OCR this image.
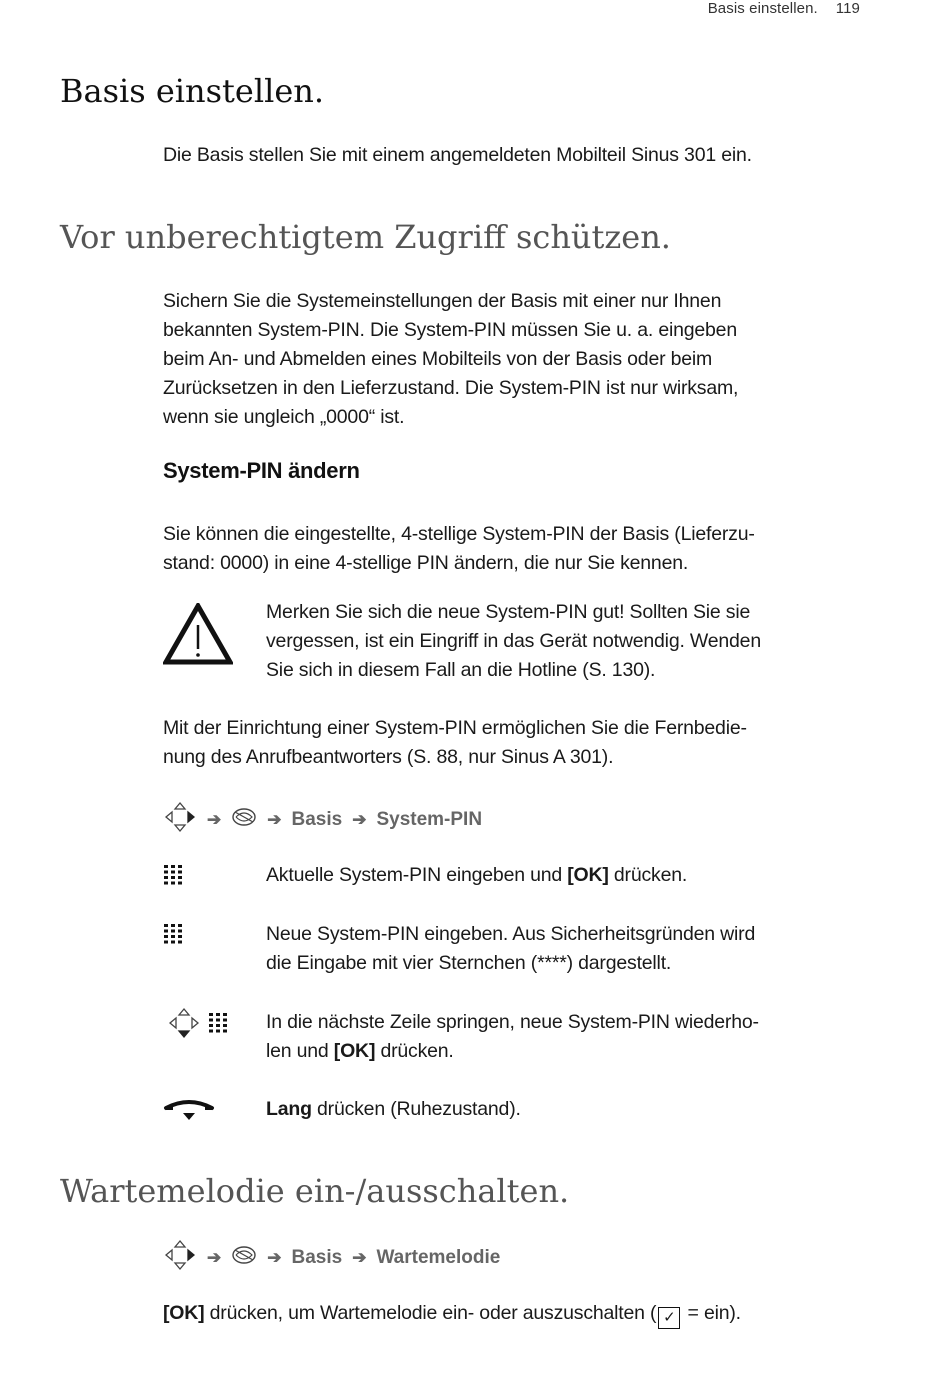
Basis einstellen. 119
Basis einstellen.
Die Basis stellen Sie mit einem angemeldeten Mobilteil Sinus 301 ein.
Vor unberechtigtem Zugriff schützen.
Sichern Sie die Systemeinstellungen der Basis mit einer nur Ihnen
bekannten System-PIN. Die System-PIN müssen Sie u. a. eingeben
beim An- und Abmelden eines Mobilteils von der Basis oder beim
Zurücksetzen in den Lieferzustand. Die System-PIN ist nur wirksam,
wenn sie ungleich „0000“ ist.
System-PIN ändern
Sie können die eingestellte, 4-stellige System-PIN der Basis (Lieferzu-
stand: 0000) in eine 4-stellige PIN ändern, die nur Sie kennen.
Merken Sie sich die neue System-PIN gut! Sollten Sie sie
vergessen, ist ein Eingriff in das Gerät notwendig. Wenden
Sie sich in diesem Fall an die Hotline (S. 130).
Mit der Einrichtung einer System-PIN ermöglichen Sie die Fernbedie-
nung des Anrufbeantworters (S. 88, nur Sinus A 301).
➔	➔ Basis ➔ System-PIN
Aktuelle System-PIN eingeben und [OK] drücken.
Neue System-PIN eingeben. Aus Sicherheitsgründen wird
die Eingabe mit vier Sternchen (****) dargestellt.
In die nächste Zeile springen, neue System-PIN wiederho-
len und [OK] drücken.
Lang drücken (Ruhezustand).
Wartemelodie ein-/ausschalten.
➔	➔ Basis ➔ Wartemelodie
[OK] drücken, um Wartemelodie ein- oder auszuschalten ( ✓ = ein).
